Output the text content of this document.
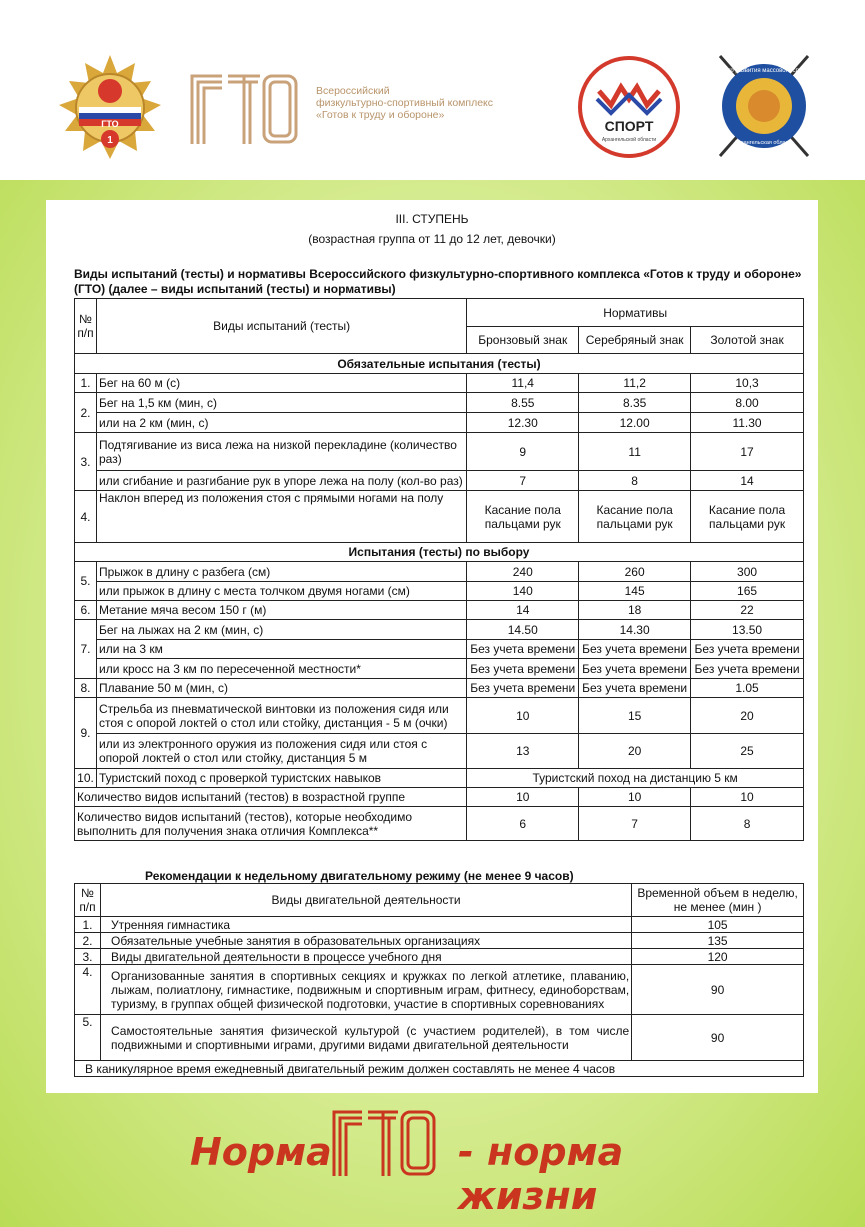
ГТО
1
Всероссийский
физкультурно-спортивный комплекс
«Готов к труду и обороне»
СПОРТ
Архангельской области
Центр развития массового спорта
Архангельская область
III. СТУПЕНЬ
(возрастная группа от 11 до 12 лет, девочки)
Виды испытаний (тесты) и нормативы Всероссийского физкультурно-спортивного комплекса «Готов к труду и обороне» (ГТО) (далее – виды испытаний (тесты) и нормативы)
№ п/п	Виды испытаний (тесты)	Нормативы		
		Бронзовый знак	Серебряный знак	Золотой знак
Обязательные испытания (тесты)				
1.	Бег на 60 м (с)	11,4	11,2	10,3
2.	Бег на 1,5 км (мин, с)	8.55	8.35	8.00
	или на 2 км (мин, с)	12.30	12.00	11.30
3.	Подтягивание из виса лежа на низкой перекладине (количество раз)	9	11	17
	или сгибание и разгибание рук в упоре лежа на полу (кол-во раз)	7	8	14
4.	Наклон вперед из положения стоя с прямыми ногами на полу	Касание пола пальцами рук	Касание пола пальцами рук	Касание пола пальцами рук
Испытания (тесты) по выбору				
5.	Прыжок в длину с разбега (см)	240	260	300
	или прыжок в длину с места толчком двумя ногами (см)	140	145	165
6.	Метание мяча весом 150 г (м)	14	18	22
7.	Бег на лыжах на 2 км (мин, с)	14.50	14.30	13.50
	или на 3 км	Без учета времени	Без учета времени	Без учета времени
	или кросс на 3 км по пересеченной местности*	Без учета времени	Без учета времени	Без учета времени
8.	Плавание 50 м (мин, с)	Без учета времени	Без учета времени	1.05
9.	Стрельба из пневматической винтовки из положения сидя или стоя с опорой локтей о стол или стойку, дистанция - 5 м (очки)	10	15	20
	или из электронного оружия из положения сидя или стоя с опорой локтей о стол или стойку, дистанция 5 м	13	20	25
10.	Туристский поход с проверкой туристских навыков	Туристский поход на дистанцию 5 км		
Количество видов испытаний (тестов) в возрастной группе		10	10	10
Количество видов испытаний (тестов), которые необходимо выполнить для получения знака отличия Комплекса**		6	7	8
Рекомендации к недельному двигательному режиму (не менее 9 часов)
№ п/п	Виды двигательной деятельности	Временной объем в неделю, не менее (мин )
1.	Утренняя гимнастика	105
2.	Обязательные учебные занятия в образовательных организациях	135
3.	Виды двигательной деятельности в процессе учебного дня	120
4.	Организованные занятия в спортивных секциях и кружках по легкой атлетике, плаванию, лыжам, полиатлону, гимнастике, подвижным и спортивным играм, фитнесу, единоборствам, туризму, в группах общей физической подготовки, участие в спортивных соревнованиях	90
5.	Самостоятельные занятия физической культурой (с участием родителей), в том числе подвижными и спортивными играми, другими видами двигательной деятельности	90
В каникулярное время ежедневный двигательный режим должен составлять не менее 4 часов		
Норма	- норма жизни
